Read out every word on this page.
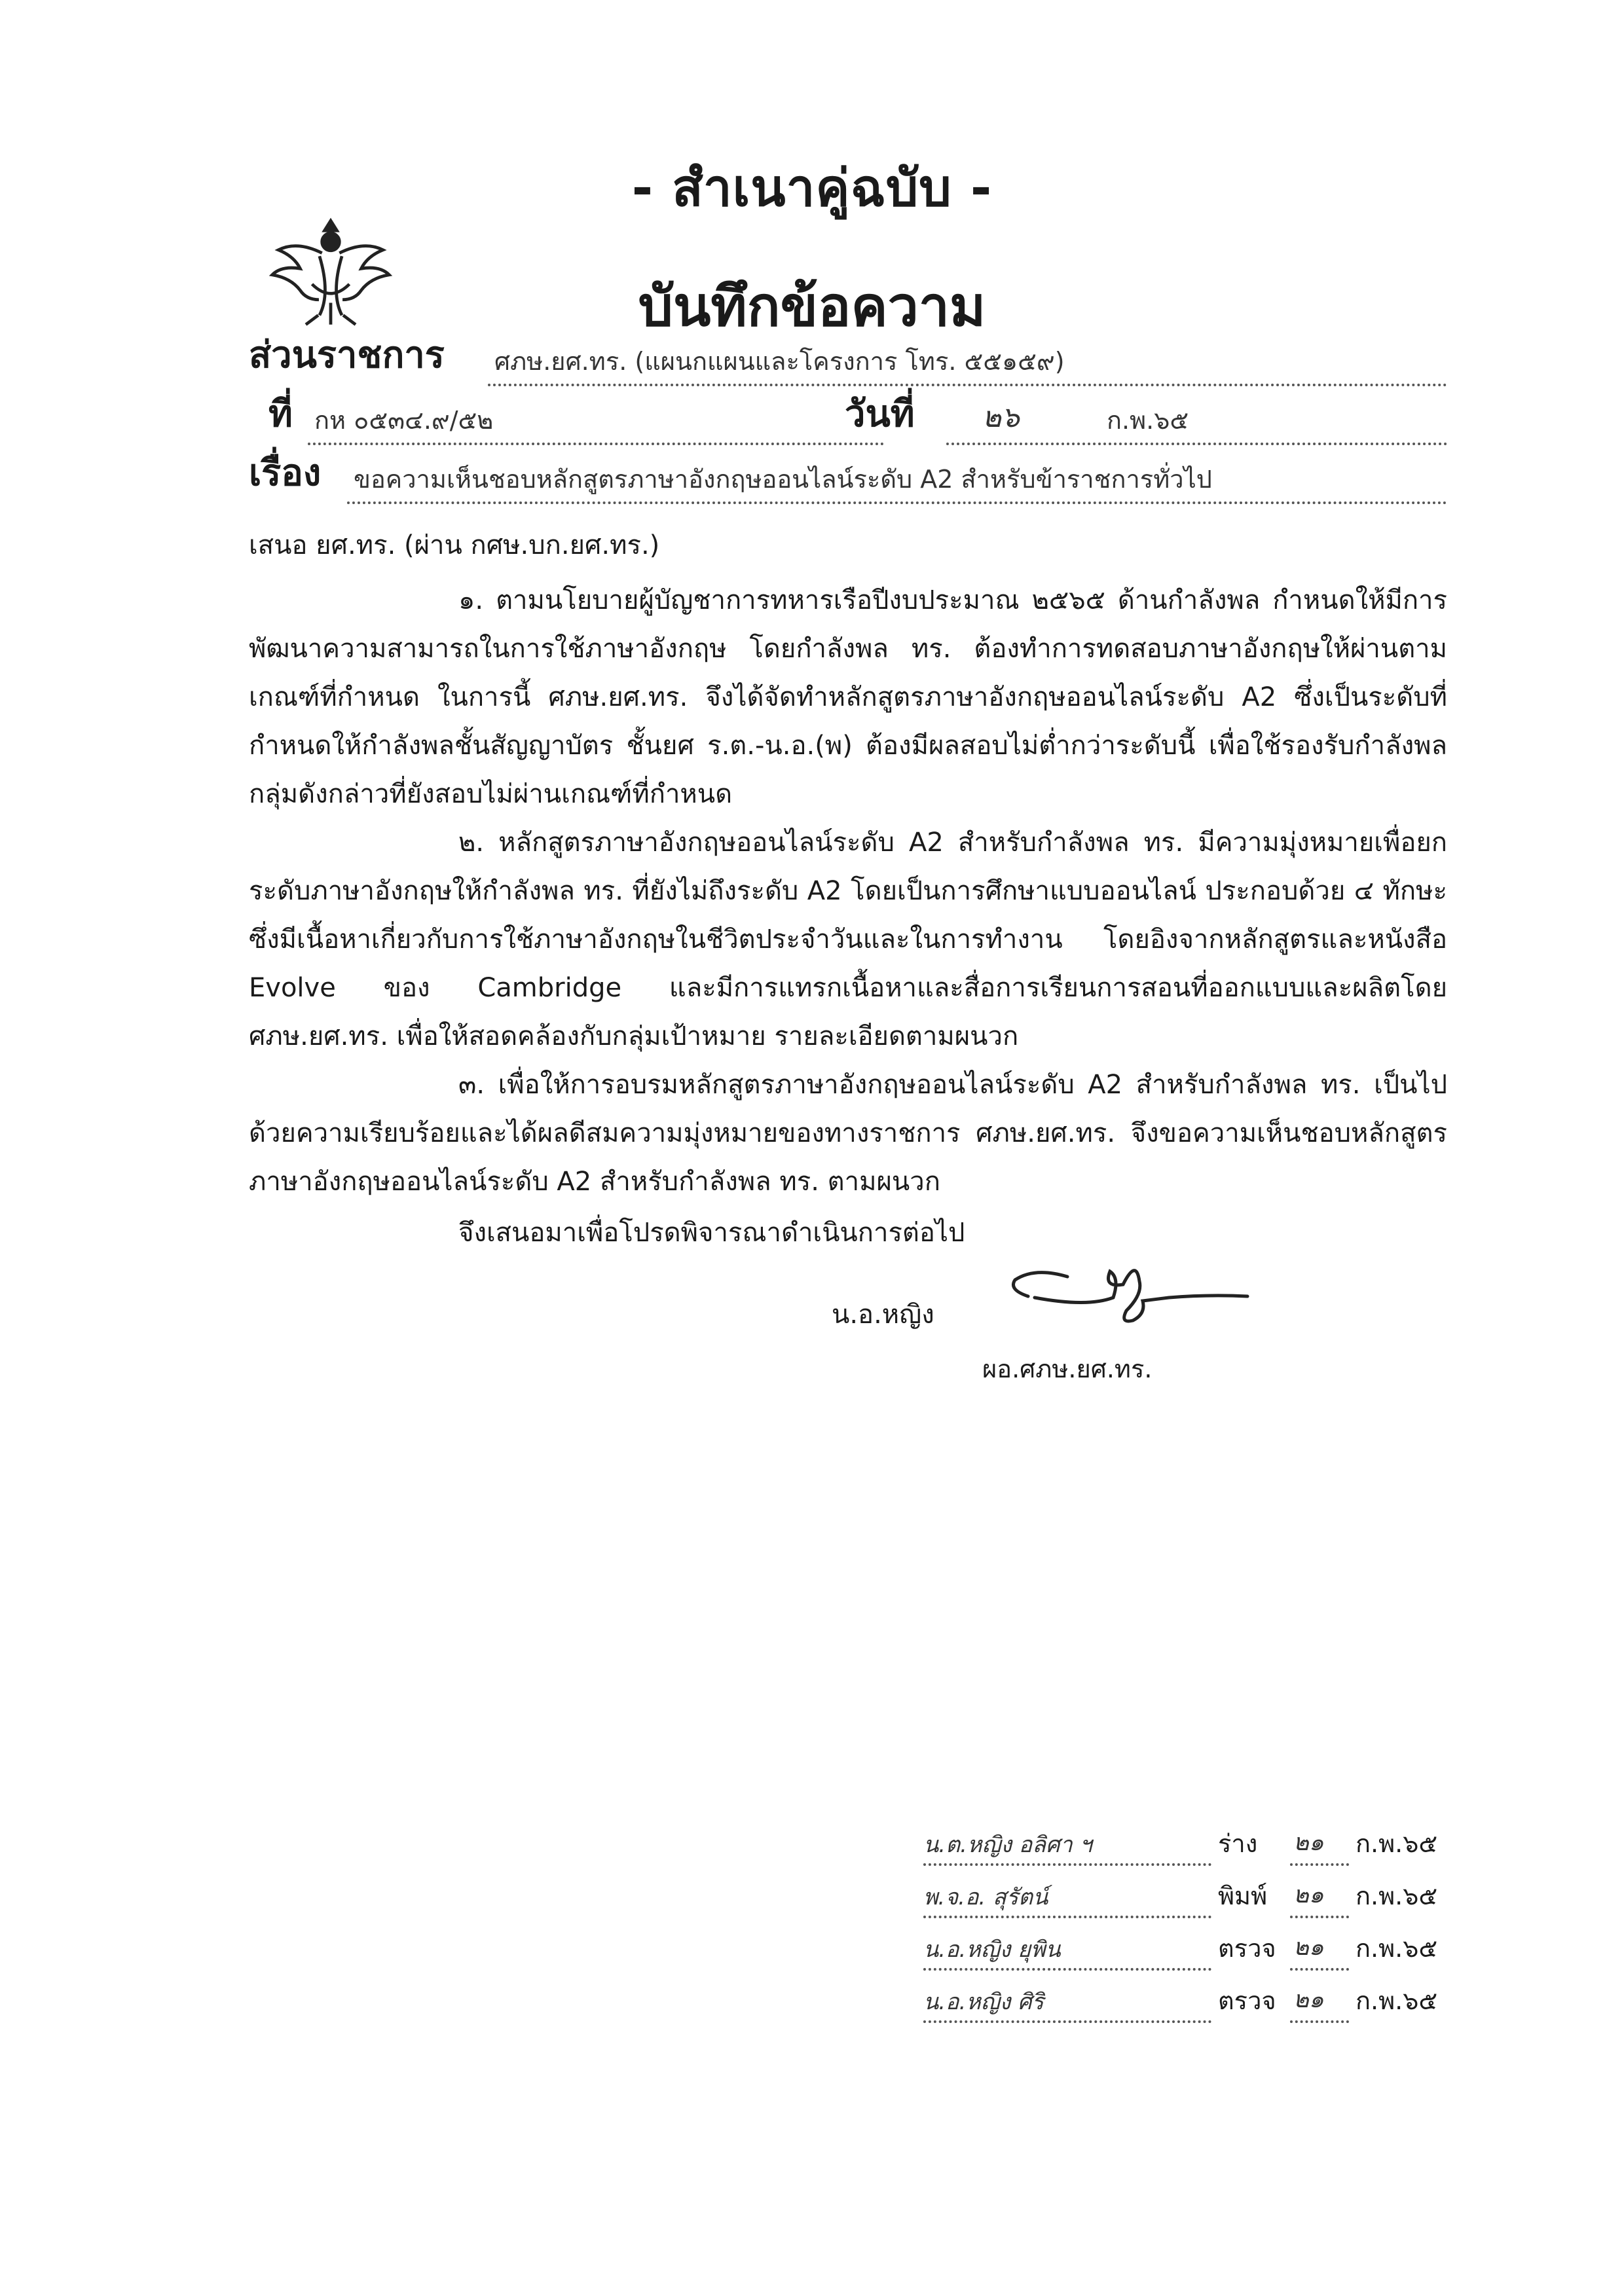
- สำเนาคู่ฉบับ -
บันทึกข้อความ
ส่วนราชการ ศภษ.ยศ.ทร. (แผนกแผนและโครงการ โทร. ๕๕๑๕๙)
ที่ กห ๐๕๓๔.๙/๕๒	วันที่ ๒๖	ก.พ.๖๕
เรื่อง ขอความเห็นชอบหลักสูตรภาษาอังกฤษออนไลน์ระดับ A2 สำหรับข้าราชการทั่วไป
เสนอ ยศ.ทร. (ผ่าน กศษ.บก.ยศ.ทร.)

๑. ตามนโยบายผู้บัญชาการทหารเรือปีงบประมาณ ๒๕๖๕ ด้านกำลังพล กำหนดให้มีการพัฒนาความสามารถในการใช้ภาษาอังกฤษ โดยกำลังพล ทร. ต้องทำการทดสอบภาษาอังกฤษให้ผ่านตามเกณฑ์ที่กำหนด ในการนี้ ศภษ.ยศ.ทร. จึงได้จัดทำหลักสูตรภาษาอังกฤษออนไลน์ระดับ A2 ซึ่งเป็นระดับที่กำหนดให้กำลังพลชั้นสัญญาบัตร ชั้นยศ ร.ต.-น.อ.(พ) ต้องมีผลสอบไม่ต่ำกว่าระดับนี้ เพื่อใช้รองรับกำลังพลกลุ่มดังกล่าวที่ยังสอบไม่ผ่านเกณฑ์ที่กำหนด

๒. หลักสูตรภาษาอังกฤษออนไลน์ระดับ A2 สำหรับกำลังพล ทร. มีความมุ่งหมายเพื่อยกระดับภาษาอังกฤษให้กำลังพล ทร. ที่ยังไม่ถึงระดับ A2 โดยเป็นการศึกษาแบบออนไลน์ ประกอบด้วย ๔ ทักษะ ซึ่งมีเนื้อหาเกี่ยวกับการใช้ภาษาอังกฤษในชีวิตประจำวันและในการทำงาน โดยอิงจากหลักสูตรและหนังสือ Evolve ของ Cambridge และมีการแทรกเนื้อหาและสื่อการเรียนการสอนที่ออกแบบและผลิตโดย ศภษ.ยศ.ทร. เพื่อให้สอดคล้องกับกลุ่มเป้าหมาย รายละเอียดตามผนวก

๓. เพื่อให้การอบรมหลักสูตรภาษาอังกฤษออนไลน์ระดับ A2 สำหรับกำลังพล ทร. เป็นไปด้วยความเรียบร้อยและได้ผลดีสมความมุ่งหมายของทางราชการ ศภษ.ยศ.ทร. จึงขอความเห็นชอบหลักสูตรภาษาอังกฤษออนไลน์ระดับ A2 สำหรับกำลังพล ทร. ตามผนวก

จึงเสนอมาเพื่อโปรดพิจารณาดำเนินการต่อไป
น.อ.หญิง
ผอ.ศภษ.ยศ.ทร.
น.ต.หญิง อลิศา ฯ	ร่าง ๒๑ ก.พ.๖๕
พ.จ.อ. สุรัตน์	พิมพ์ ๒๑ ก.พ.๖๕
น.อ.หญิง ยุพิน	ตรวจ ๒๑ ก.พ.๖๕
น.อ.หญิง ศิริ	ตรวจ ๒๑ ก.พ.๖๕
